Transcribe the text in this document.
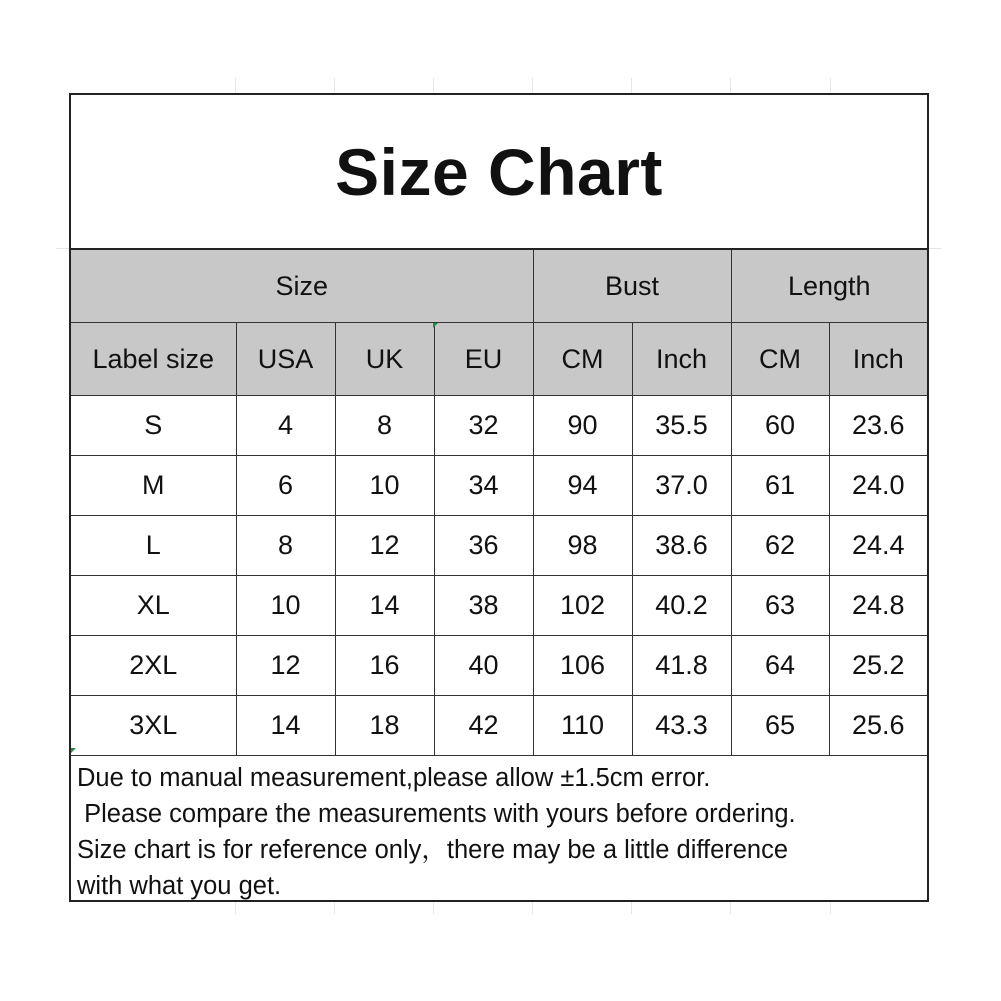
Size Chart
Size				Bust		Length	
Label size	USA	UK	EU	CM	Inch	CM	Inch
S	4	8	32	90	35.5	60	23.6
M	6	10	34	94	37.0	61	24.0
L	8	12	36	98	38.6	62	24.4
XL	10	14	38	102	40.2	63	24.8
2XL	12	16	40	106	41.8	64	25.2
3XL	14	18	42	110	43.3	65	25.6
Due to manual measurement,please allow ±1.5cm error.
Please compare the measurements with yours before ordering.
Size chart is for reference only，there may be a little difference
with what you get.
